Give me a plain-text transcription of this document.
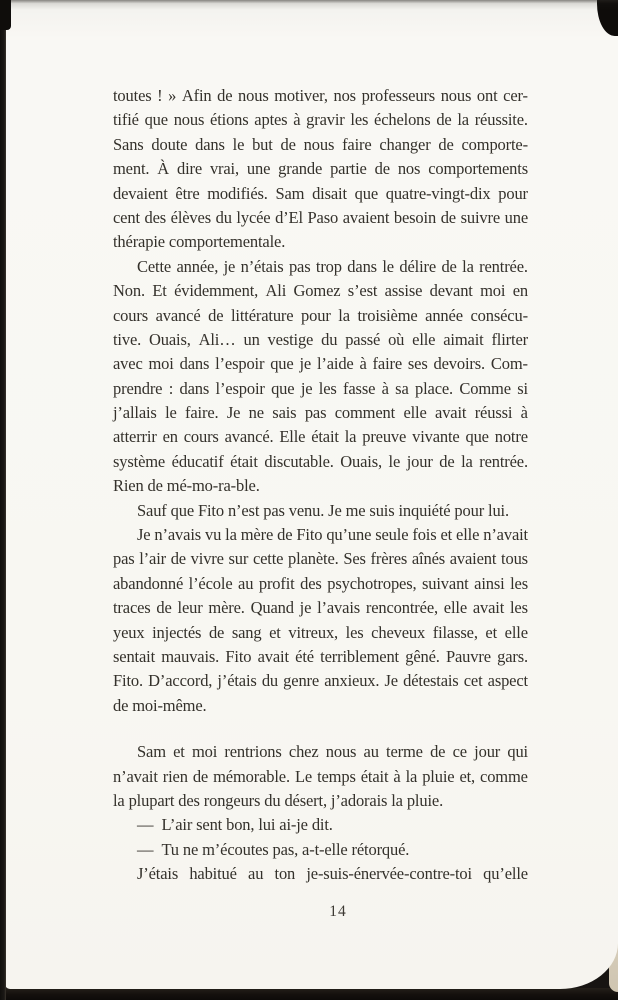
toutes ! » Afin de nous motiver, nos professeurs nous ont cer-
tifié que nous étions aptes à gravir les échelons de la réussite.
Sans doute dans le but de nous faire changer de comporte-
ment. À dire vrai, une grande partie de nos comportements
devaient être modifiés. Sam disait que quatre-vingt-dix pour
cent des élèves du lycée d’El Paso avaient besoin de suivre une
thérapie comportementale.
Cette année, je n’étais pas trop dans le délire de la rentrée.
Non. Et évidemment, Ali Gomez s’est assise devant moi en
cours avancé de littérature pour la troisième année consécu-
tive. Ouais, Ali… un vestige du passé où elle aimait flirter
avec moi dans l’espoir que je l’aide à faire ses devoirs. Com-
prendre : dans l’espoir que je les fasse à sa place. Comme si
j’allais le faire. Je ne sais pas comment elle avait réussi à
atterrir en cours avancé. Elle était la preuve vivante que notre
système éducatif était discutable. Ouais, le jour de la rentrée.
Rien de mé-mo-ra-ble.
Sauf que Fito n’est pas venu. Je me suis inquiété pour lui.
Je n’avais vu la mère de Fito qu’une seule fois et elle n’avait
pas l’air de vivre sur cette planète. Ses frères aînés avaient tous
abandonné l’école au profit des psychotropes, suivant ainsi les
traces de leur mère. Quand je l’avais rencontrée, elle avait les
yeux injectés de sang et vitreux, les cheveux filasse, et elle
sentait mauvais. Fito avait été terriblement gêné. Pauvre gars.
Fito. D’accord, j’étais du genre anxieux. Je détestais cet aspect
de moi-même.
Sam et moi rentrions chez nous au terme de ce jour qui
n’avait rien de mémorable. Le temps était à la pluie et, comme
la plupart des rongeurs du désert, j’adorais la pluie.
— L’air sent bon, lui ai-je dit.
— Tu ne m’écoutes pas, a-t-elle rétorqué.
J’étais habitué au ton je-suis-énervée-contre-toi qu’elle
14
